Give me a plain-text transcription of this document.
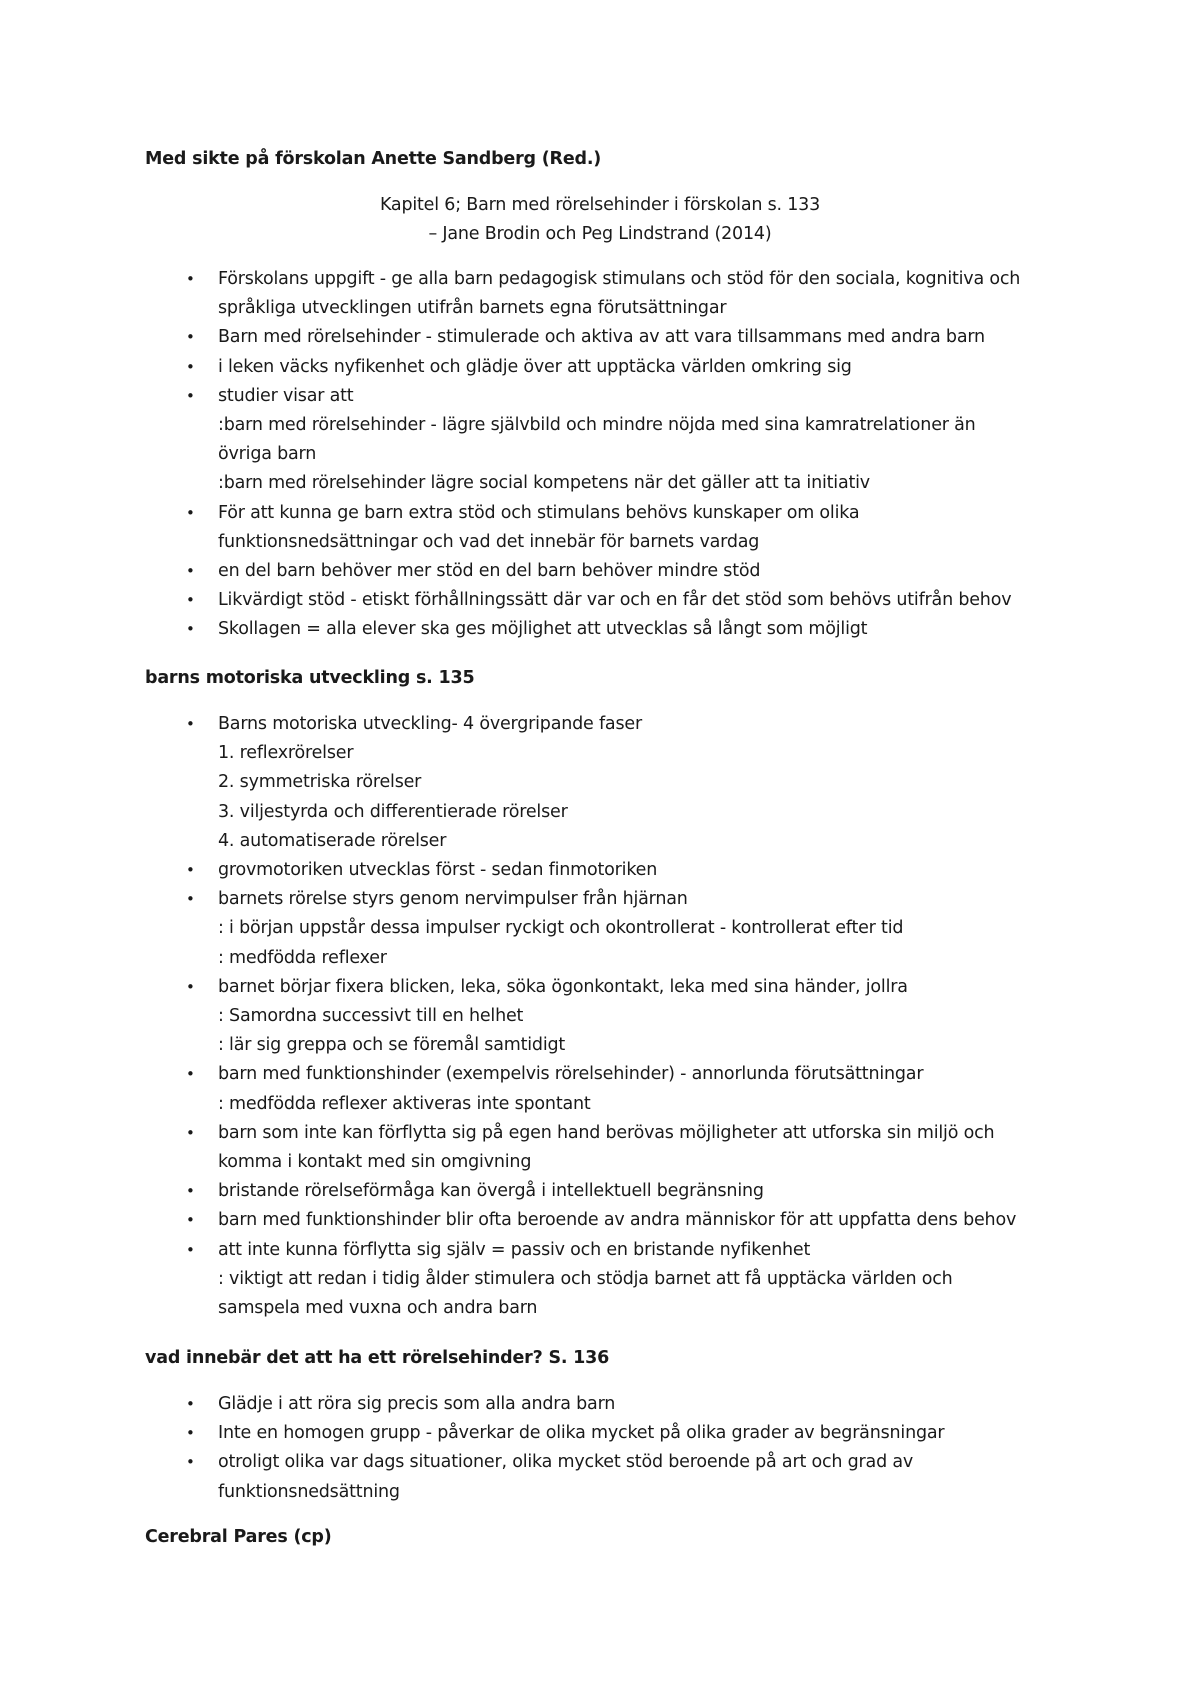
Med sikte på förskolan Anette Sandberg (Red.)

Kapitel 6; Barn med rörelsehinder i förskolan s. 133

– Jane Brodin och Peg Lindstrand (2014)

• Förskolans uppgift - ge alla barn pedagogisk stimulans och stöd för den sociala, kognitiva och
språkliga utvecklingen utifrån barnets egna förutsättningar
• Barn med rörelsehinder - stimulerade och aktiva av att vara tillsammans med andra barn
• i leken väcks nyfikenhet och glädje över att upptäcka världen omkring sig
• studier visar att
:barn med rörelsehinder - lägre självbild och mindre nöjda med sina kamratrelationer än
övriga barn
:barn med rörelsehinder lägre social kompetens när det gäller att ta initiativ
• För att kunna ge barn extra stöd och stimulans behövs kunskaper om olika
funktionsnedsättningar och vad det innebär för barnets vardag
• en del barn behöver mer stöd en del barn behöver mindre stöd
• Likvärdigt stöd - etiskt förhållningssätt där var och en får det stöd som behövs utifrån behov
• Skollagen = alla elever ska ges möjlighet att utvecklas så långt som möjligt

barns motoriska utveckling s. 135

• Barns motoriska utveckling- 4 övergripande faser
1. reflexrörelser
2. symmetriska rörelser
3. viljestyrda och differentierade rörelser
4. automatiserade rörelser
• grovmotoriken utvecklas först - sedan finmotoriken
• barnets rörelse styrs genom nervimpulser från hjärnan
: i början uppstår dessa impulser ryckigt och okontrollerat - kontrollerat efter tid
: medfödda reflexer
• barnet börjar fixera blicken, leka, söka ögonkontakt, leka med sina händer, jollra
: Samordna successivt till en helhet
: lär sig greppa och se föremål samtidigt
• barn med funktionshinder (exempelvis rörelsehinder) - annorlunda förutsättningar
: medfödda reflexer aktiveras inte spontant
• barn som inte kan förflytta sig på egen hand berövas möjligheter att utforska sin miljö och
komma i kontakt med sin omgivning
• bristande rörelseförmåga kan övergå i intellektuell begränsning
• barn med funktionshinder blir ofta beroende av andra människor för att uppfatta dens behov
• att inte kunna förflytta sig själv = passiv och en bristande nyfikenhet
: viktigt att redan i tidig ålder stimulera och stödja barnet att få upptäcka världen och
samspela med vuxna och andra barn

vad innebär det att ha ett rörelsehinder? S. 136

• Glädje i att röra sig precis som alla andra barn
• Inte en homogen grupp - påverkar de olika mycket på olika grader av begränsningar
• otroligt olika var dags situationer, olika mycket stöd beroende på art och grad av
funktionsnedsättning

Cerebral Pares (cp)
